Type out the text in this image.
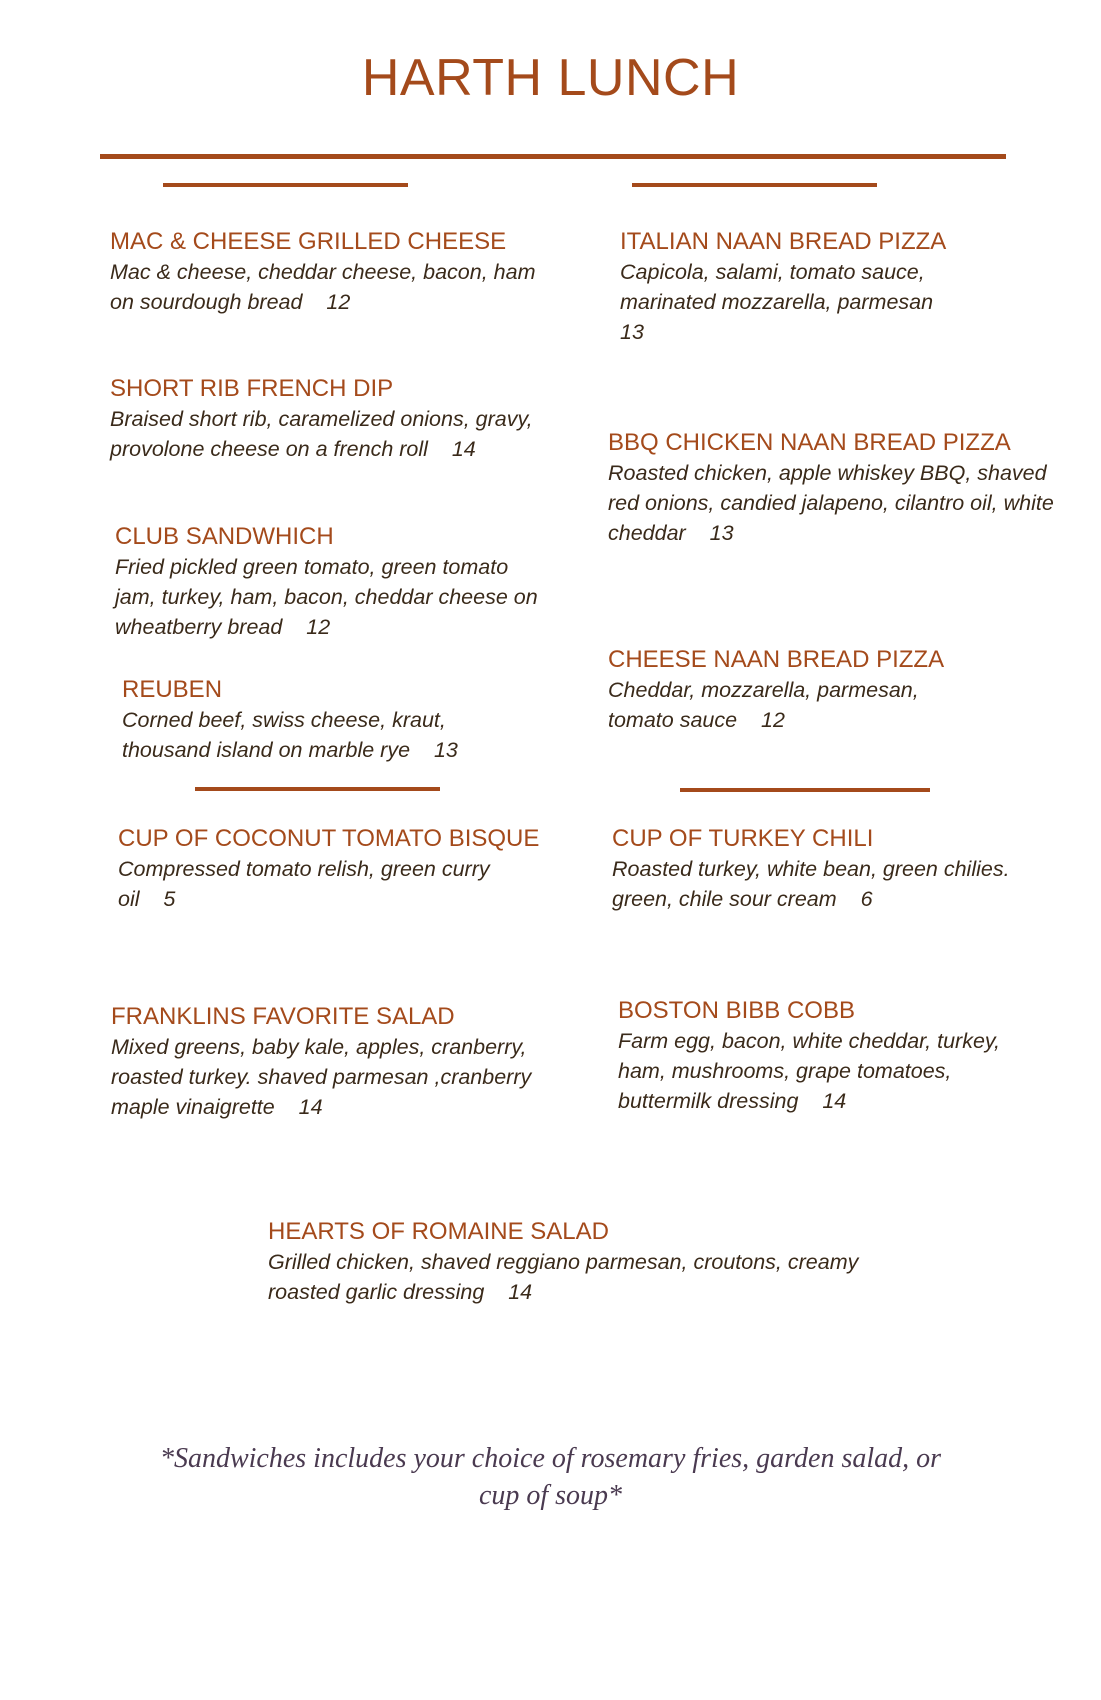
HARTH LUNCH
MAC & CHEESE GRILLED CHEESE
Mac & cheese, cheddar cheese, bacon, ham
on sourdough bread 12
SHORT RIB FRENCH DIP
Braised short rib, caramelized onions, gravy,
provolone cheese on a french roll 14
CLUB SANDWHICH
Fried pickled green tomato, green tomato
jam, turkey, ham, bacon, cheddar cheese on
wheatberry bread 12
REUBEN
Corned beef, swiss cheese, kraut,
thousand island on marble rye 13
ITALIAN NAAN BREAD PIZZA
Capicola, salami, tomato sauce,
marinated mozzarella, parmesan
13
BBQ CHICKEN NAAN BREAD PIZZA
Roasted chicken, apple whiskey BBQ, shaved
red onions, candied jalapeno, cilantro oil, white
cheddar 13
CHEESE NAAN BREAD PIZZA
Cheddar, mozzarella, parmesan,
tomato sauce 12
CUP OF COCONUT TOMATO BISQUE
Compressed tomato relish, green curry
oil 5
CUP OF TURKEY CHILI
Roasted turkey, white bean, green chilies.
green, chile sour cream 6
FRANKLINS FAVORITE SALAD
Mixed greens, baby kale, apples, cranberry,
roasted turkey. shaved parmesan ,cranberry
maple vinaigrette 14
BOSTON BIBB COBB
Farm egg, bacon, white cheddar, turkey,
ham, mushrooms, grape tomatoes,
buttermilk dressing 14
HEARTS OF ROMAINE SALAD
Grilled chicken, shaved reggiano parmesan, croutons, creamy
roasted garlic dressing 14
*Sandwiches includes your choice of rosemary fries, garden salad, or
cup of soup*
